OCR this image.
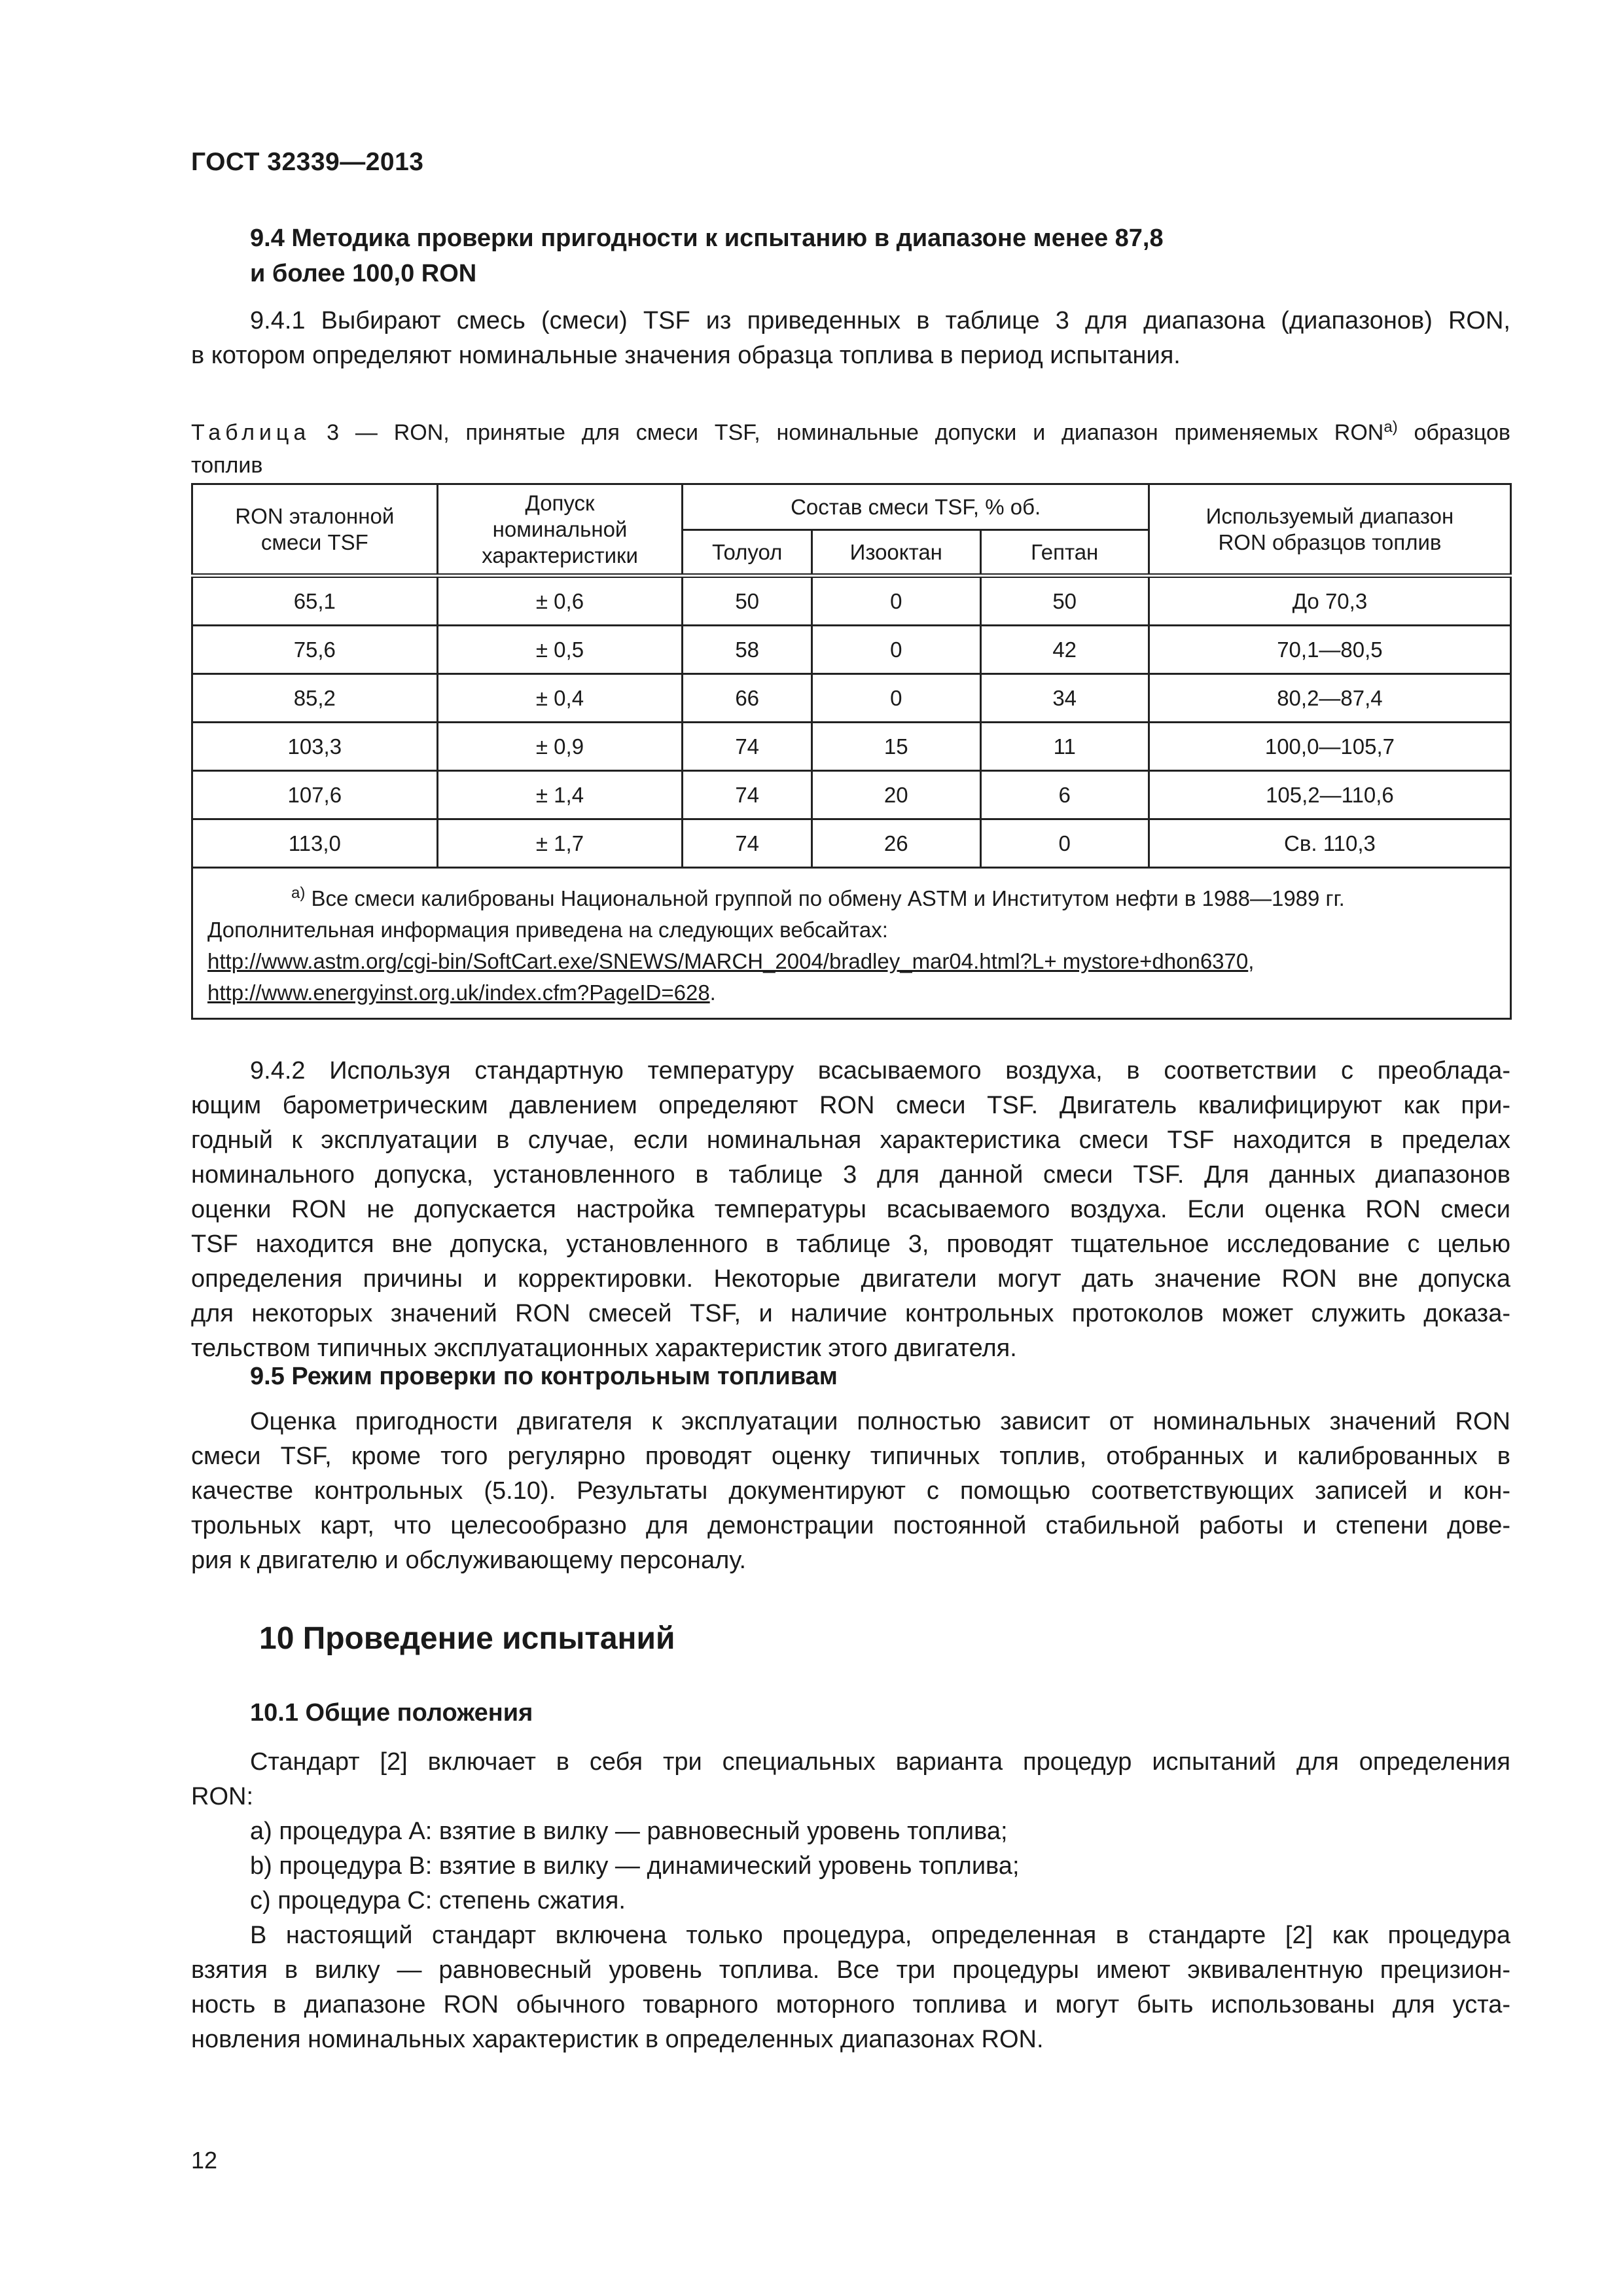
ГОСТ 32339—2013
9.4 Методика проверки пригодности к испытанию в диапазоне менее 87,8
и более 100,0 RON
9.4.1 Выбирают смесь (смеси) TSF из приведенных в таблице 3 для диапазона (диапазонов) RON,
в котором определяют номинальные значения образца топлива в период испытания.
Таблица 3 — RON, принятые для смеси TSF, номинальные допуски и диапазон применяемых $RON^{а)}$ образцов
топлив
RON эталонной смеси TSF	Допуск номинальной характеристики	Состав смеси TSF, % об.			Используемый диапазон RON образцов топлив
		Толуол	Изооктан	Гептан	
65,1	± 0,6	50	0	50	До 70,3
75,6	± 0,5	58	0	42	70,1—80,5
85,2	± 0,4	66	0	34	80,2—87,4
103,3	± 0,9	74	15	11	100,0—105,7
107,6	± 1,4	74	20	6	105,2—110,6
113,0	± 1,7	74	26	0	Св. 110,3

$^{а)}$ Все смеси калиброваны Национальной группой по обмену ASTM и Институтом нефти в 1988—1989 гг.
Дополнительная информация приведена на следующих вебсайтах:
http://www.astm.org/cgi-bin/SoftCart.exe/SNEWS/MARCH_2004/bradley_mar04.html?L+ mystore+dhon6370,
http://www.energyinst.org.uk/index.cfm?PageID=628.					
9.4.2 Используя стандартную температуру всасываемого воздуха, в соответствии с преоблада-
ющим барометрическим давлением определяют RON смеси TSF. Двигатель квалифицируют как при-
годный к эксплуатации в случае, если номинальная характеристика смеси TSF находится в пределах
номинального допуска, установленного в таблице 3 для данной смеси TSF. Для данных диапазонов
оценки RON не допускается настройка температуры всасываемого воздуха. Если оценка RON смеси
TSF находится вне допуска, установленного в таблице 3, проводят тщательное исследование с целью
определения причины и корректировки. Некоторые двигатели могут дать значение RON вне допуска
для некоторых значений RON смесей TSF, и наличие контрольных протоколов может служить доказа-
тельством типичных эксплуатационных характеристик этого двигателя.
9.5 Режим проверки по контрольным топливам
Оценка пригодности двигателя к эксплуатации полностью зависит от номинальных значений RON
смеси TSF, кроме того регулярно проводят оценку типичных топлив, отобранных и калиброванных в
качестве контрольных (5.10). Результаты документируют с помощью соответствующих записей и кон-
трольных карт, что целесообразно для демонстрации постоянной стабильной работы и степени дове-
рия к двигателю и обслуживающему персоналу.
10 Проведение испытаний
10.1 Общие положения
Стандарт [2] включает в себя три специальных варианта процедур испытаний для определения
RON:
a) процедура A: взятие в вилку — равновесный уровень топлива;
b) процедура B: взятие в вилку — динамический уровень топлива;
c) процедура C: степень сжатия.
В настоящий стандарт включена только процедура, определенная в стандарте [2] как процедура
взятия в вилку — равновесный уровень топлива. Все три процедуры имеют эквивалентную прецизион-
ность в диапазоне RON обычного товарного моторного топлива и могут быть использованы для уста-
новления номинальных характеристик в определенных диапазонах RON.
12
